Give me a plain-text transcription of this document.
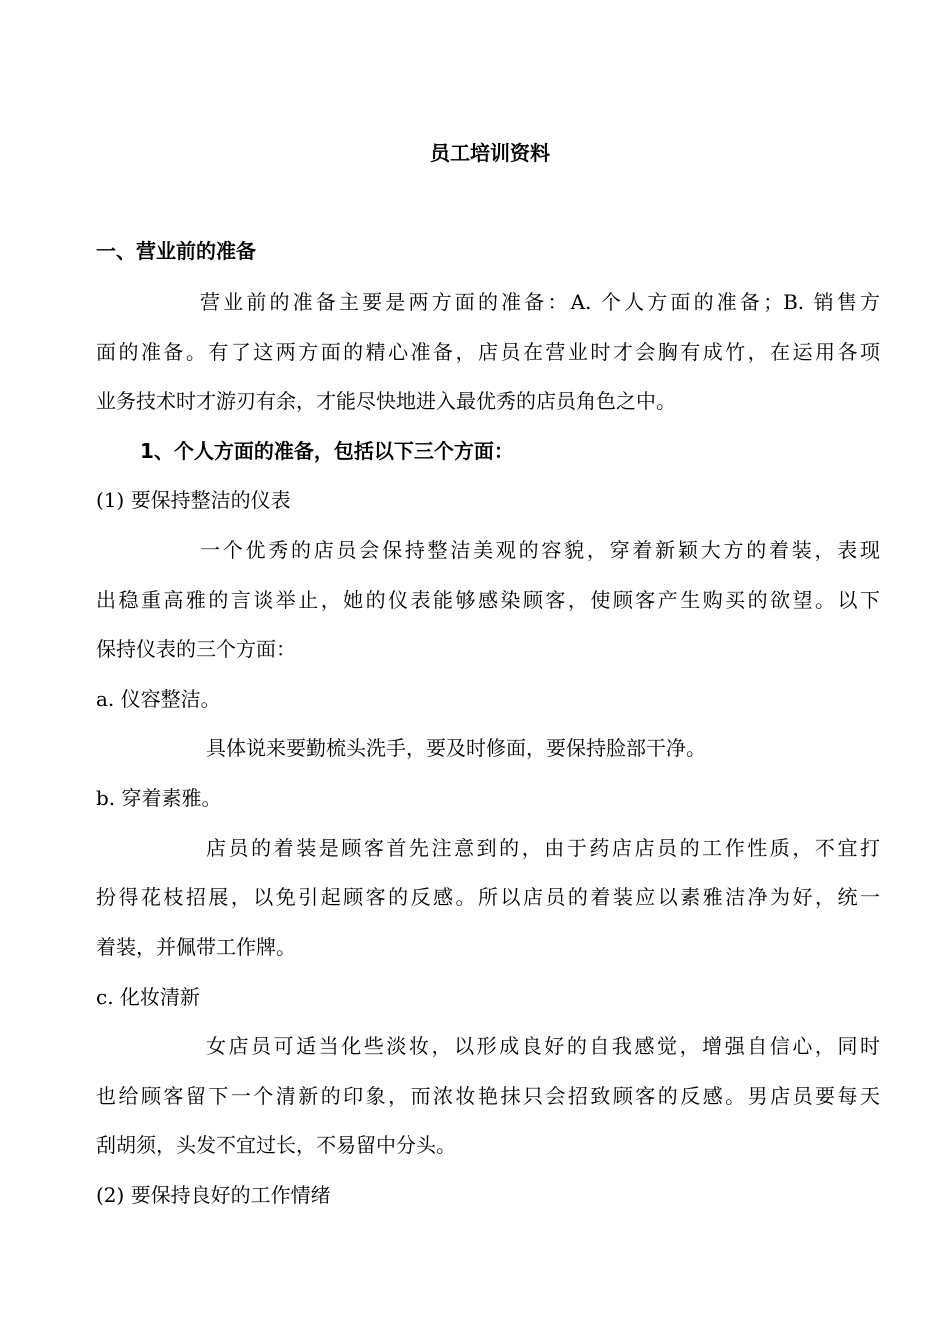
员工培训资料
一、营业前的准备
营业前的准备主要是两方面的准备：A. 个人方面的准备；B. 销售方
面的准备。有了这两方面的精心准备，店员在营业时才会胸有成竹，在运用各项
业务技术时才游刃有余，才能尽快地进入最优秀的店员角色之中。
1、个人方面的准备，包括以下三个方面：
(1) 要保持整洁的仪表
一个优秀的店员会保持整洁美观的容貌，穿着新颖大方的着装，表现
出稳重高雅的言谈举止，她的仪表能够感染顾客，使顾客产生购买的欲望。以下
保持仪表的三个方面：
a. 仪容整洁。
具体说来要勤梳头洗手，要及时修面，要保持脸部干净。
b. 穿着素雅。
店员的着装是顾客首先注意到的，由于药店店员的工作性质，不宜打
扮得花枝招展，以免引起顾客的反感。所以店员的着装应以素雅洁净为好，统一
着装，并佩带工作牌。
c. 化妆清新
女店员可适当化些淡妆，以形成良好的自我感觉，增强自信心，同时
也给顾客留下一个清新的印象，而浓妆艳抹只会招致顾客的反感。男店员要每天
刮胡须，头发不宜过长，不易留中分头。
(2) 要保持良好的工作情绪
